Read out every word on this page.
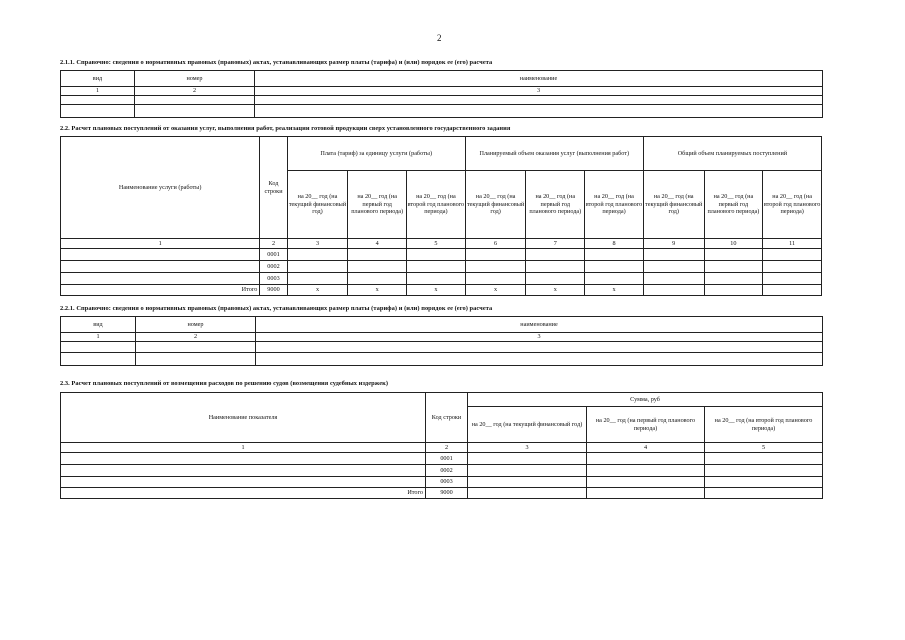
2
2.1.1. Справочно: сведения о нормативных правовых (правовых) актах, устанавливающих размер платы (тарифа) и (или) порядок ее (его) расчета
вид	номер	наименование
1	2	3

2.2. Расчет плановых поступлений от оказания услуг, выполнения работ, реализации готовой продукции сверх установленного государственного задания
Наименование услуги (работы)	Код строки	Плата (тариф) за единицу услуги (работы)			Планируемый объем оказания услуг (выполнения работ)			Общий объем планируемых поступлений		
		на 20__ год (на текущий финансовый год)	на 20__ год (на первый год планового периода)	на 20__ год (на второй год планового периода)	на 20__ год (на текущий финансовый год)	на 20__ год (на первый год планового периода)	на 20__ год (на второй год планового периода)	на 20__ год (на текущий финансовый год)	на 20__ год (на первый год планового периода)	на 20__ год (на второй год планового периода)
1	2	3	4	5	6	7	8	9	10	11
	0001									
	0002									
	0003									
Итого	9000	x	x	x	x	x	x			
2.2.1. Справочно: сведения о нормативных правовых (правовых) актах, устанавливающих размер платы (тарифа) и (или) порядок ее (его) расчета
вид	номер	наименование
1	2	3

2.3. Расчет плановых поступлений от возмещения расходов по решению судов (возмещения судебных издержек)
Наименование показателя	Код строки	Сумма, руб		
		на 20__ год (на текущий финансовый год)	на 20__ год (на первый год планового периода)	на 20__ год (на второй год планового периода)
1	2	3	4	5
	0001			
	0002			
	0003			
Итого	9000			
